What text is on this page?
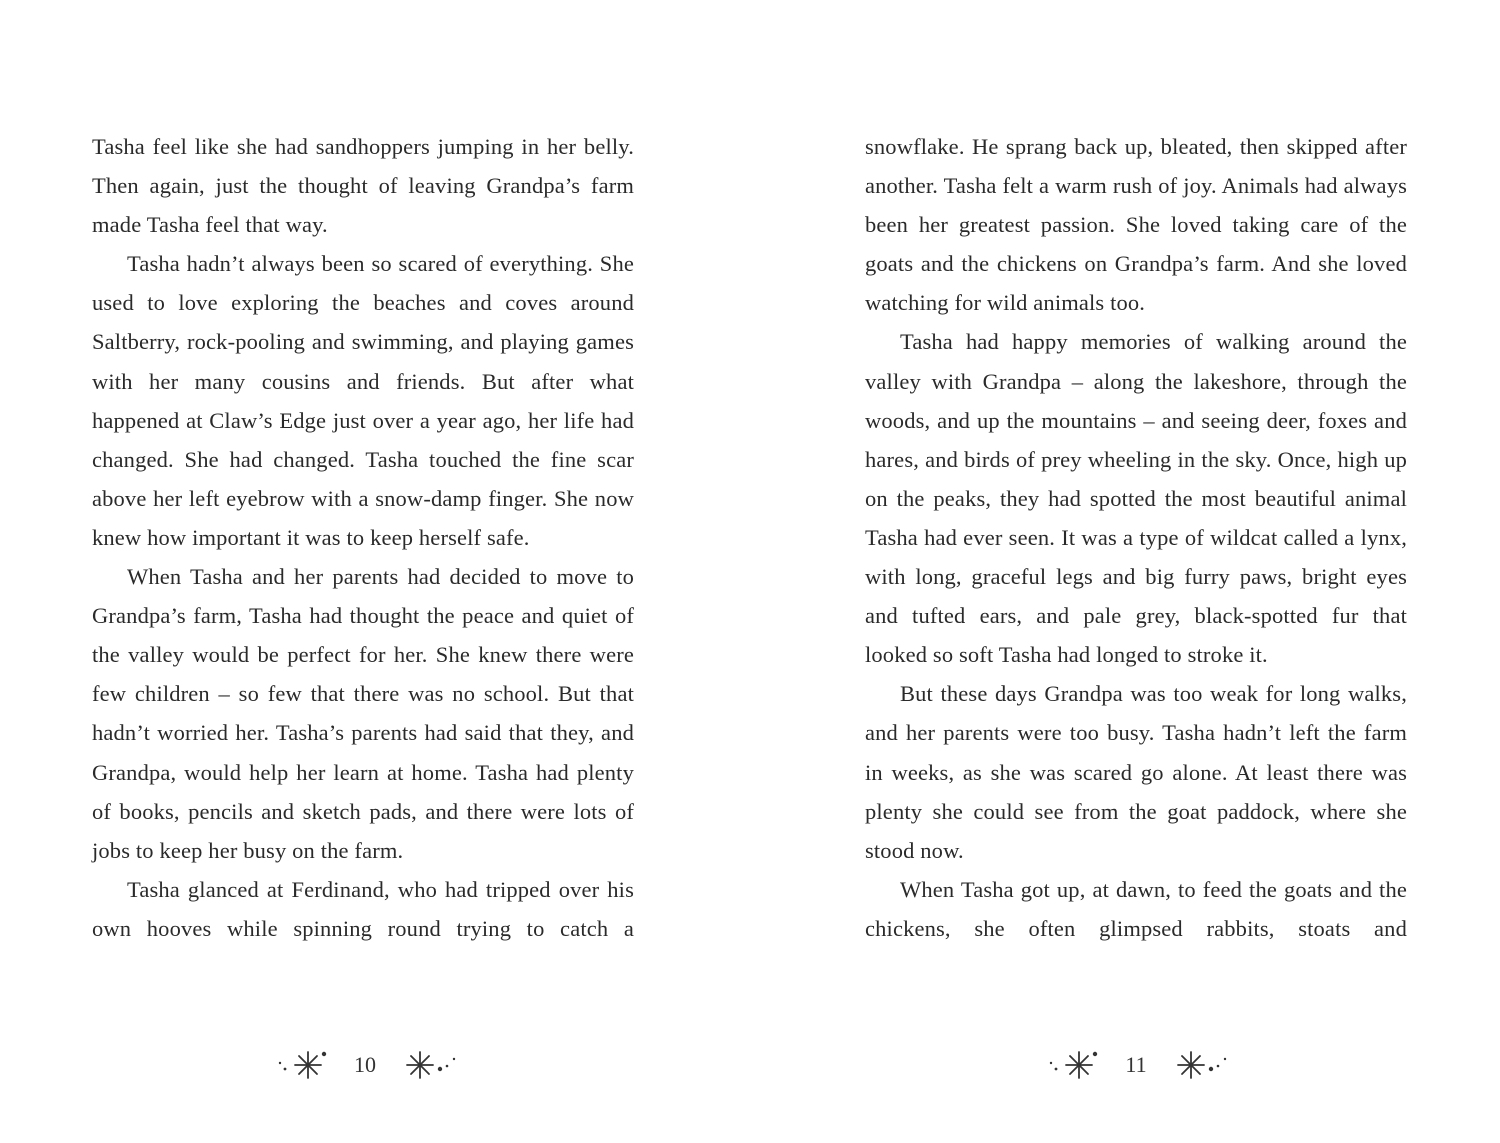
Tasha feel like she had sandhoppers jumping in her belly. Then again, just the thought of leaving Grandpa’s farm made Tasha feel that way.

Tasha hadn’t always been so scared of everything. She used to love exploring the beaches and coves around Saltberry, rock-pooling and swimming, and playing games with her many cousins and friends. But after what happened at Claw’s Edge just over a year ago, her life had changed. She had changed. Tasha touched the fine scar above her left eyebrow with a snow-damp finger. She now knew how important it was to keep herself safe.

When Tasha and her parents had decided to move to Grandpa’s farm, Tasha had thought the peace and quiet of the valley would be perfect for her. She knew there were few children – so few that there was no school. But that hadn’t worried her. Tasha’s parents had said that they, and Grandpa, would help her learn at home. Tasha had plenty of books, pencils and sketch pads, and there were lots of jobs to keep her busy on the farm.

Tasha glanced at Ferdinand, who had tripped over his own hooves while spinning round trying to catch a

10

snowflake. He sprang back up, bleated, then skipped after another. Tasha felt a warm rush of joy. Animals had always been her greatest passion. She loved taking care of the goats and the chickens on Grandpa’s farm. And she loved watching for wild animals too.

Tasha had happy memories of walking around the valley with Grandpa – along the lakeshore, through the woods, and up the mountains – and seeing deer, foxes and hares, and birds of prey wheeling in the sky. Once, high up on the peaks, they had spotted the most beautiful animal Tasha had ever seen. It was a type of wildcat called a lynx, with long, graceful legs and big furry paws, bright eyes and tufted ears, and pale grey, black-spotted fur that looked so soft Tasha had longed to stroke it.

But these days Grandpa was too weak for long walks, and her parents were too busy. Tasha hadn’t left the farm in weeks, as she was scared go alone. At least there was plenty she could see from the goat paddock, where she stood now.

When Tasha got up, at dawn, to feed the goats and the chickens, she often glimpsed rabbits, stoats and

11
